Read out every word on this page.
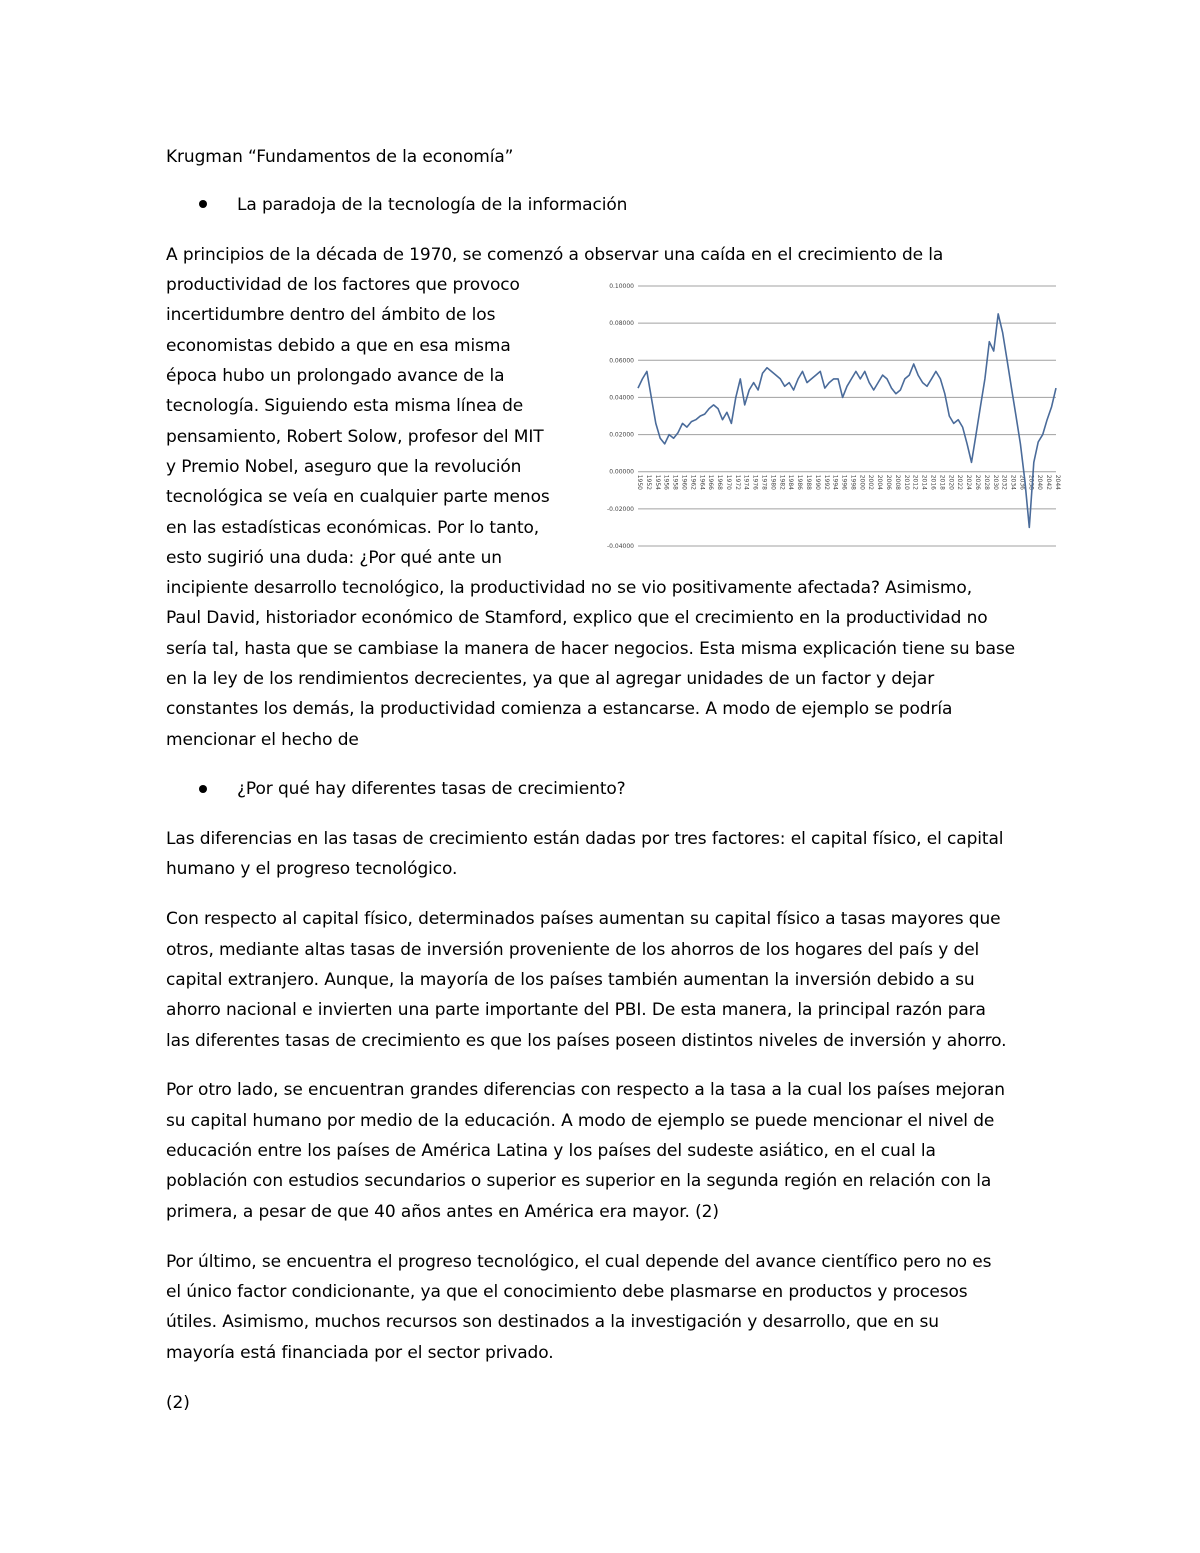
Krugman “Fundamentos de la economía”
La paradoja de la tecnología de la información
A principios de la década de 1970, se comenzó a observar una caída en el crecimiento de la
productividad de los factores que provoco
incertidumbre dentro del ámbito de los
economistas debido a que en esa misma
época hubo un prolongado avance de la
tecnología. Siguiendo esta misma línea de
pensamiento, Robert Solow, profesor del MIT
y Premio Nobel, aseguro que la revolución
tecnológica se veía en cualquier parte menos
en las estadísticas económicas. Por lo tanto,
esto sugirió una duda: ¿Por qué ante un
incipiente desarrollo tecnológico, la productividad no se vio positivamente afectada? Asimismo,
Paul David, historiador económico de Stamford, explico que el crecimiento en la productividad no
sería tal, hasta que se cambiase la manera de hacer negocios. Esta misma explicación tiene su base
en la ley de los rendimientos decrecientes, ya que al agregar unidades de un factor y dejar
constantes los demás, la productividad comienza a estancarse. A modo de ejemplo se podría
mencionar el hecho de
¿Por qué hay diferentes tasas de crecimiento?
Las diferencias en las tasas de crecimiento están dadas por tres factores: el capital físico, el capital
humano y el progreso tecnológico.
Con respecto al capital físico, determinados países aumentan su capital físico a tasas mayores que
otros, mediante altas tasas de inversión proveniente de los ahorros de los hogares del país y del
capital extranjero. Aunque, la mayoría de los países también aumentan la inversión debido a su
ahorro nacional e invierten una parte importante del PBI. De esta manera, la principal razón para
las diferentes tasas de crecimiento es que los países poseen distintos niveles de inversión y ahorro.
Por otro lado, se encuentran grandes diferencias con respecto a la tasa a la cual los países mejoran
su capital humano por medio de la educación. A modo de ejemplo se puede mencionar el nivel de
educación entre los países de América Latina y los países del sudeste asiático, en el cual la
población con estudios secundarios o superior es superior en la segunda región en relación con la
primera, a pesar de que 40 años antes en América era mayor. (2)
Por último, se encuentra el progreso tecnológico, el cual depende del avance científico pero no es
el único factor condicionante, ya que el conocimiento debe plasmarse en productos y procesos
útiles. Asimismo, muchos recursos son destinados a la investigación y desarrollo, que en su
mayoría está financiada por el sector privado.
(2)
0.10000
0.08000
0.06000
0.04000
0.02000
0.00000
-0.02000
-0.04000
1950 1952 1954 1956 1958 1960 1962 1964 1966 1968 1970 1972 1974 1976 1978 1980 1982 1984 1986 1988 1990 1992 1994 1996 1998 2000 2002 2004 2006 2008 2010 2012 2014 2016 2018 2020 2022 2024 2026 2028 2030 2032 2034 2036 2038 2040 2042 2044
